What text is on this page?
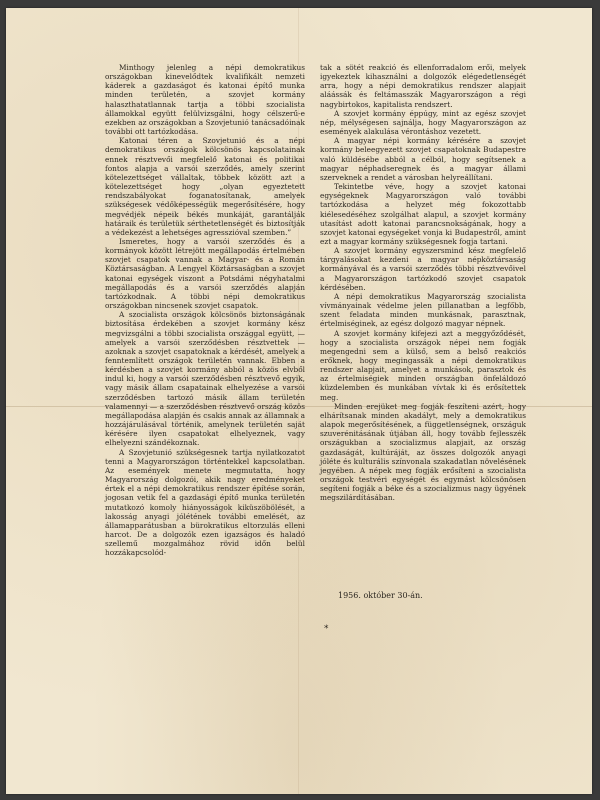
Minthogy jelenleg a népi demokratikus országokban kinevelődtek kvalifikált nemzeti káderek a gazdaságot és katonai építő munka minden területén, a szovjet kormány halaszthatatlannak tartja a többi szocialista államokkal együtt felülvizsgálni, hogy célszerű-e ezekben az országokban a Szovjetunió tanácsadóinak további ott tartózkodása.

Katonai téren a Szovjetunió és a népi demokratikus országok kölcsönös kapcsolatainak ennek résztvevői megfelelő katonai és politikai fontos alapja a varsói szerződés, amely szerint kötelezettséget vállaltak, többek között azt a kötelezettséget hogy „olyan egyeztetett rendszabályokat foganatosítanak, amelyek szükségesek védőképességük megerősítésére, hogy megvédjék népeik békés munkáját, garantálják határaik és területük sérthetetlenségét és biztosítják a védekezést a lehetséges agresszióval szemben.”

Ismeretes, hogy a varsói szerződés és a kormányok között létrejött megállapodás értelmében szovjet csapatok vannak a Magyar- és a Román Köztársaságban. A Lengyel Köztársaságban a szovjet katonai egységek viszont a Potsdámi négyhatalmi megállapodás és a varsói szerződés alapján tartózkodnak. A többi népi demokratikus országokban nincsenek szovjet csapatok.

A szocialista országok kölcsönös biztonságának biztosítása érdekében a szovjet kormány kész megvizsgálni a többi szocialista országgal együtt, — amelyek a varsói szerződésben résztvettek — azoknak a szovjet csapatoknak a kérdését, amelyek a fenntemlített országok területén vannak. Ebben a kérdésben a szovjet kormány abból a közös elvből indul ki, hogy a varsói szerződésben résztvevő egyik, vagy másik állam csapatainak elhelyezése a varsói szerződésben tartozó másik állam területén valamennyi — a szerződésben résztvevő ország közös megállapodása alapján és csakis annak az államnak a hozzájárulásával történik, amelynek területén saját kérésére ilyen csapatokat elhelyeznek, vagy elhelyezni szándékoznak.

A Szovjetunió szükségesnek tartja nyilatkozatot tenni a Magyarországon történtekkel kapcsolatban. Az események menete megmutatta, hogy Magyarország dolgozói, akik nagy eredményeket értek el a népi demokratikus rendszer építése során, jogosan vetik fel a gazdasági építő munka területén mutatkozó komoly hiányosságok kiküszöbölését, a lakosság anyagi jólétének további emelését, az államapparátusban a bürokratikus eltorzulás elleni harcot. De a dolgozók ezen igazságos és haladó szellemű mozgalmához rövid időn belül hozzákapcsolód-

tak a sötét reakció és ellenforradalom erői, melyek igyekeztek kihasználni a dolgozók elégedetlenségét arra, hogy a népi demokratikus rendszer alapjait aláássák és feltámasszák Magyarországon a régi nagybirtokos, kapitalista rendszert.

A szovjet kormány éppúgy, mint az egész szovjet nép, mélységesen sajnálja, hogy Magyarországon az események alakulása vérontáshoz vezetett.

A magyar népi kormány kérésére a szovjet kormány beleegyezett szovjet csapatoknak Budapestre való küldésébe abból a célból, hogy segítsenek a magyar néphadseregnek és a magyar állami szerveknek a rendet a városban helyreállítani.

Tekintetbe véve, hogy a szovjet katonai egységeknek Magyarországon való további tartózkodása a helyzet még fokozottabb kiélesedéséhez szolgálhat alapul, a szovjet kormány utasítást adott katonai parancsnokságának, hogy a szovjet katonai egységeket vonja ki Budapestről, amint ezt a magyar kormány szükségesnek fogja tartani.

A szovjet kormány egyszersmind kész megfelelő tárgyalásokat kezdeni a magyar népköztársaság kormányával és a varsói szerződés többi résztvevőivel a Magyarországon tartózkodó szovjet csapatok kérdésében.

A népi demokratikus Magyarország szocialista vívmányainak védelme jelen pillanatban a legfőbb, szent feladata minden munkásnak, parasztnak, értelmiséginek, az egész dolgozó magyar népnek.

A szovjet kormány kifejezi azt a meggyőződését, hogy a szocialista országok népei nem fogják megengedni sem a külső, sem a belső reakciós erőknek, hogy megingassák a népi demokratikus rendszer alapjait, amelyet a munkások, parasztok és az értelmiségiek minden országban önfeláldozó küzdelemben és munkában vívtak ki és erősítettek meg.

Minden erejüket meg fogják feszíteni azért, hogy elhárítsanak minden akadályt, mely a demokratikus alapok megerősítésének, a függetlenségnek, országuk szuverénitásának útjában áll, hogy tovább fejlesszék országukban a szocializmus alapjait, az ország gazdaságát, kultúráját, az összes dolgozók anyagi jóléte és kulturális színvonala szakadatlan növelésének jegyében. A népek meg fogják erősíteni a szocialista országok testvéri egységét és egymást kölcsönösen segíteni fogják a béke és a szocializmus nagy ügyének megszilárdításában.

1956. október 30-án.
*
